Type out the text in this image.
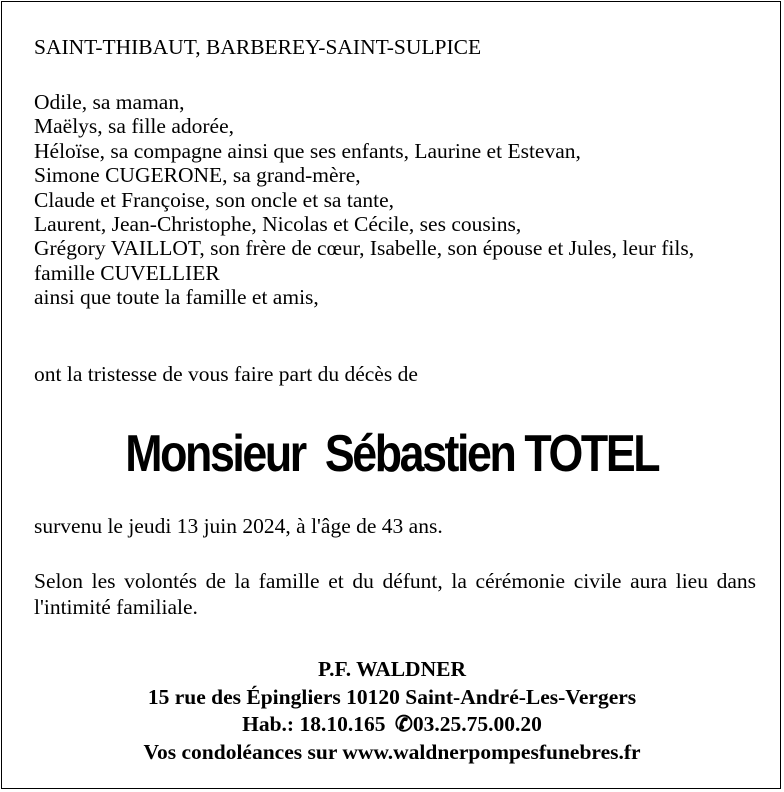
SAINT-THIBAUT, BARBEREY-SAINT-SULPICE
Odile, sa maman,
Maëlys, sa fille adorée,
Héloïse, sa compagne ainsi que ses enfants, Laurine et Estevan,
Simone CUGERONE, sa grand-mère,
Claude et Françoise, son oncle et sa tante,
Laurent, Jean-Christophe, Nicolas et Cécile, ses cousins,
Grégory VAILLOT, son frère de cœur, Isabelle, son épouse et Jules, leur fils,
famille CUVELLIER
ainsi que toute la famille et amis,
ont la tristesse de vous faire part du décès de
Monsieur  Sébastien TOTEL
survenu le jeudi 13 juin 2024, à l'âge de 43 ans.
Selon les volontés de la famille et du défunt, la cérémonie civile aura lieu dans l'intimité familiale.
P.F. WALDNER
15 rue des Épingliers 10120 Saint-André-Les-Vergers
Hab.: 18.10.165 ✆03.25.75.00.20
Vos condoléances sur www.waldnerpompesfunebres.fr
